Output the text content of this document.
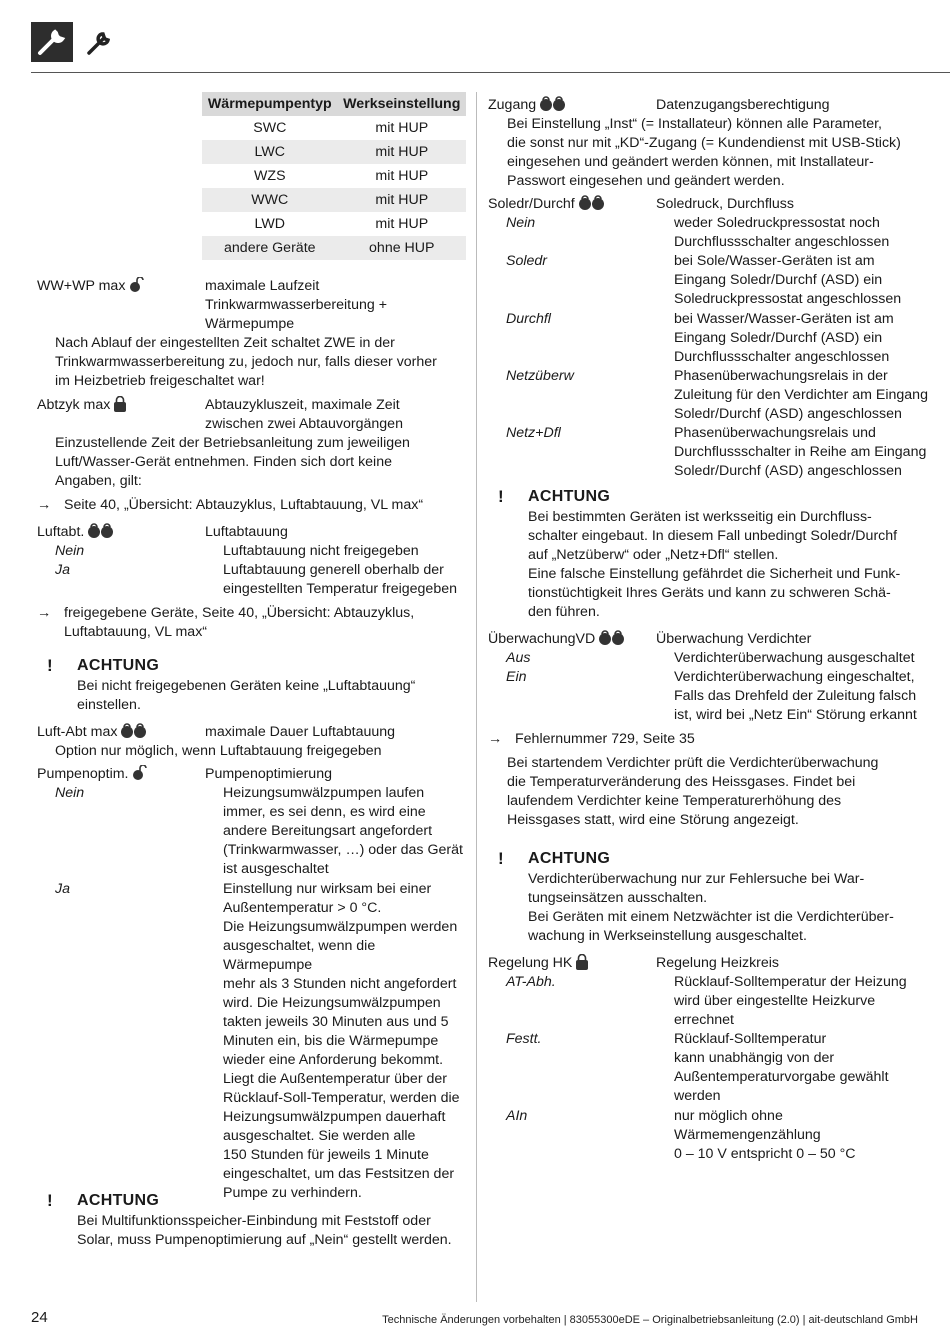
Wärmepumpentyp	Werkseinstellung
SWC	mit HUP
LWC	mit HUP
WZS	mit HUP
WWC	mit HUP
LWD	mit HUP
andere Geräte	ohne HUP
WW+WP max	maximale Laufzeit
Trinkwarmwasserbereitung +
Wärmepumpe
Nach Ablauf der eingestellten Zeit schaltet ZWE in der
Trinkwarmwasserbereitung zu, jedoch nur, falls dieser vorher
im Heizbetrieb freigeschaltet war!
Abtzyk max	Abtauzykluszeit, maximale Zeit
zwischen zwei Abtauvorgängen
Einzustellende Zeit der Betriebsanleitung zum jeweiligen
Luft/Wasser-Gerät entnehmen. Finden sich dort keine
Angaben, gilt:
→ Seite 40, „Übersicht: Abtauzyklus, Luftabtauung, VL max“
Luftabt.	Luftabtauung
Nein	Luftabtauung nicht freigegeben
Ja	Luftabtauung generell oberhalb der
eingestellten Temperatur freigegeben
→ freigegebene Geräte, Seite 40, „Übersicht: Abtauzyklus,
Luftabtauung, VL max“
! ACHTUNG
Bei nicht freigegebenen Geräten keine „Luftabtauung“
einstellen.
Luft-Abt max	maximale Dauer Luftabtauung
Option nur möglich, wenn Luftabtauung freigegeben
Pumpenoptim.	Pumpenoptimierung
Nein	Heizungsumwälzpumpen laufen
immer, es sei denn, es wird eine
andere Bereitungsart angefordert
(Trinkwarmwasser, …) oder das Gerät
ist ausgeschaltet
Ja	Einstellung nur wirksam bei einer
Außentemperatur > 0 °C.
Die Heizungsumwälzpumpen werden
ausgeschaltet, wenn die Wärmepumpe
mehr als 3 Stunden nicht angefordert
wird. Die Heizungsumwälzpumpen
takten jeweils 30 Minuten aus und 5
Minuten ein, bis die Wärmepumpe
wieder eine Anforderung bekommt.
Liegt die Außentemperatur über der
Rücklauf-Soll-Temperatur, werden die
Heizungsumwälzpumpen dauerhaft
ausgeschaltet. Sie werden alle
150 Stunden für jeweils 1 Minute
eingeschaltet, um das Festsitzen der
Pumpe zu verhindern.
! ACHTUNG
Bei Multifunktionsspeicher-Einbindung mit Feststoff oder
Solar, muss Pumpenoptimierung auf „Nein“ gestellt werden.
Zugang	Datenzugangsberechtigung
Bei Einstellung „Inst“ (= Installateur) können alle Parameter,
die sonst nur mit „KD“-Zugang (= Kundendienst mit USB-Stick)
eingesehen und geändert werden können, mit Installateur-
Passwort eingesehen und geändert werden.
Soledr/Durchf	Soledruck, Durchfluss
Nein	weder Soledruckpressostat noch
Durchflussschalter angeschlossen
Soledr	bei Sole/Wasser-Geräten ist am
Eingang Soledr/Durchf (ASD) ein
Soledruckpressostat angeschlossen
Durchfl	bei Wasser/Wasser-Geräten ist am
Eingang Soledr/Durchf (ASD) ein
Durchflussschalter angeschlossen
Netzüberw	Phasenüberwachungsrelais in der
Zuleitung für den Verdichter am Eingang
Soledr/Durchf (ASD) angeschlossen
Netz+Dfl	Phasenüberwachungsrelais und
Durchflussschalter in Reihe am Eingang
Soledr/Durchf (ASD) angeschlossen
! ACHTUNG
Bei bestimmten Geräten ist werksseitig ein Durchfluss-
schalter eingebaut. In diesem Fall unbedingt Soledr/Durchf
auf „Netzüberw“ oder „Netz+Dfl“ stellen.
Eine falsche Einstellung gefährdet die Sicherheit und Funk-
tionstüchtigkeit Ihres Geräts und kann zu schweren Schä-
den führen.
ÜberwachungVD	Überwachung Verdichter
Aus	Verdichterüberwachung ausgeschaltet
Ein	Verdichterüberwachung eingeschaltet,
Falls das Drehfeld der Zuleitung falsch
ist, wird bei „Netz Ein“ Störung erkannt
→ Fehlernummer 729, Seite 35
Bei startendem Verdichter prüft die Verdichterüberwachung
die Temperaturveränderung des Heissgases. Findet bei
laufendem Verdichter keine Temperaturerhöhung des
Heissgases statt, wird eine Störung angezeigt.
! ACHTUNG
Verdichterüberwachung nur zur Fehlersuche bei War-
tungseinsätzen ausschalten.
Bei Geräten mit einem Netzwächter ist die Verdichterüber-
wachung in Werkseinstellung ausgeschaltet.
Regelung HK	Regelung Heizkreis
AT-Abh.	Rücklauf-Solltemperatur der Heizung
wird über eingestellte Heizkurve
errechnet
Festt.	Rücklauf-Solltemperatur
kann unabhängig von der
Außentemperaturvorgabe gewählt
werden
AIn	nur möglich ohne
Wärmemengenzählung
0 – 10 V entspricht 0 – 50 °C
24	Technische Änderungen vorbehalten | 83055300eDE – Originalbetriebsanleitung (2.0) | ait-deutschland GmbH
